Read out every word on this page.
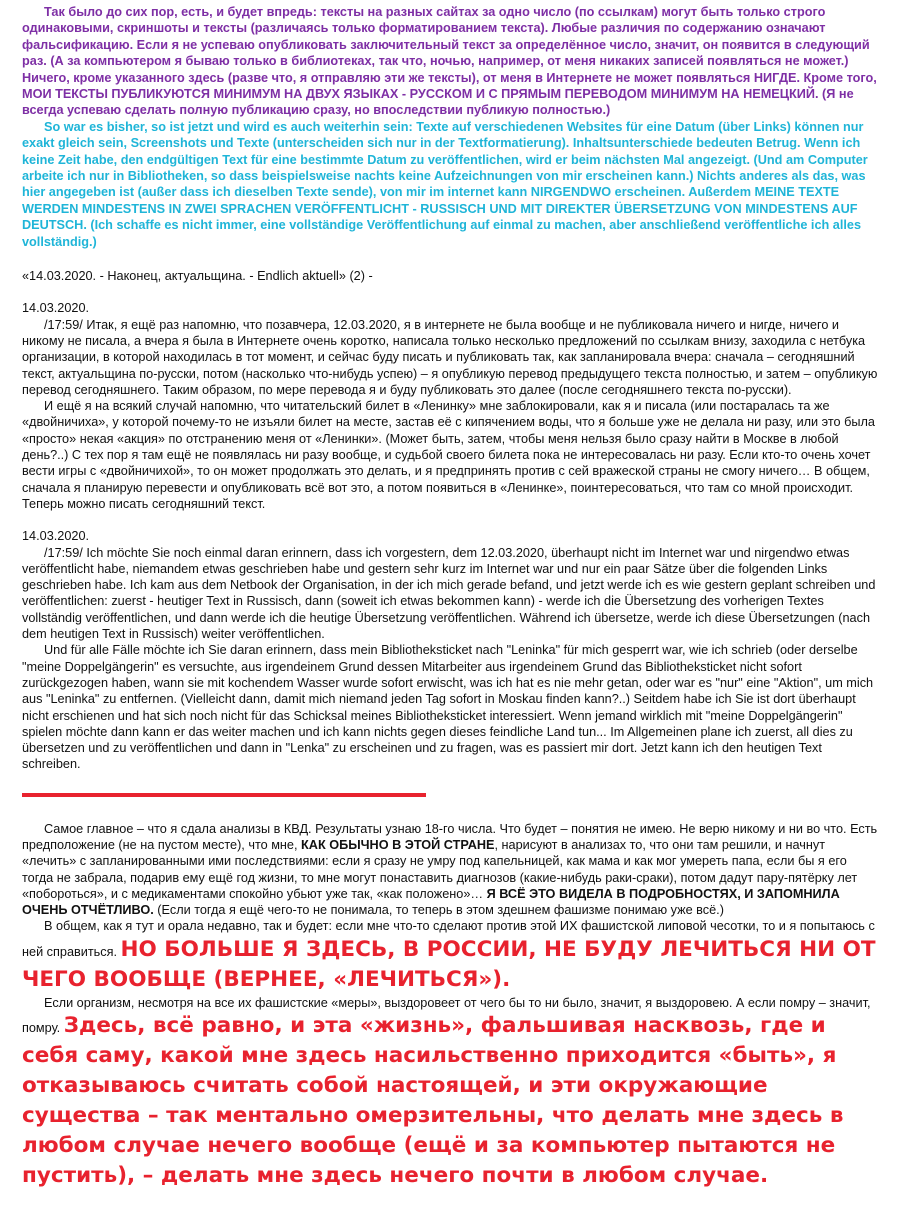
Так было до сих пор, есть, и будет впредь: тексты на разных сайтах за одно число (по ссылкам) могут быть только строго одинаковыми, скриншоты и тексты (различаясь только форматированием текста). Любые различия по содержанию означают фальсификацию. Если я не успеваю опубликовать заключительный текст за определённое число, значит, он появится в следующий раз. (А за компьютером я бываю только в библиотеках, так что, ночью, например, от меня никаких записей появляться не может.) Ничего, кроме указанного здесь (разве что, я отправляю эти же тексты), от меня в Интернете не может появляться НИГДЕ. Кроме того, МОИ ТЕКСТЫ ПУБЛИКУЮТСЯ МИНИМУМ НА ДВУХ ЯЗЫКАХ - РУССКОМ И С ПРЯМЫМ ПЕРЕВОДОМ МИНИМУМ НА НЕМЕЦКИЙ. (Я не всегда успеваю сделать полную публикацию сразу, но впоследствии публикую полностью.)

So war es bisher, so ist jetzt und wird es auch weiterhin sein: Texte auf verschiedenen Websites für eine Datum (über Links) können nur exakt gleich sein, Screenshots und Texte (unterscheiden sich nur in der Textformatierung). Inhaltsunterschiede bedeuten Betrug. Wenn ich keine Zeit habe, den endgültigen Text für eine bestimmte Datum zu veröffentlichen, wird er beim nächsten Mal angezeigt. (Und am Computer arbeite ich nur in Bibliotheken, so dass beispielsweise nachts keine Aufzeichnungen von mir erscheinen kann.) Nichts anderes als das, was hier angegeben ist (außer dass ich dieselben Texte sende), von mir im internet kann NIRGENDWO erscheinen. Außerdem MEINE TEXTE WERDEN MINDESTENS IN ZWEI SPRACHEN VERÖFFENTLICHT - RUSSISCH UND MIT DIREKTER ÜBERSETZUNG VON MINDESTENS AUF DEUTSCH. (Ich schaffe es nicht immer, eine vollständige Veröffentlichung auf einmal zu machen, aber anschließend veröffentliche ich alles vollständig.)

«14.03.2020. - Наконец, актуальщина. - Endlich aktuell» (2) -

14.03.2020.

/17:59/ Итак, я ещё раз напомню, что позавчера, 12.03.2020, я в интернете не была вообще и не публиковала ничего и нигде, ничего и никому не писала, а вчера я была в Интернете очень коротко, написала только несколько предложений по ссылкам внизу, заходила с нетбука организации, в которой находилась в тот момент, и сейчас буду писать и публиковать так, как запланировала вчера: сначала – сегодняшний текст, актуальщина по-русски, потом (насколько что-нибудь успею) – я опубликую перевод предыдущего текста полностью, и затем – опубликую перевод сегодняшнего. Таким образом, по мере перевода я и буду публиковать это далее (после сегодняшнего текста по-русски).

И ещё я на всякий случай напомню, что читательский билет в «Ленинку» мне заблокировали, как я и писала (или постаралась та же «двойничиха», у которой почему-то не изъяли билет на месте, застав её с кипячением воды, что я больше уже не делала ни разу, или это была «просто» некая «акция» по отстранению меня от «Ленинки». (Может быть, затем, чтобы меня нельзя было сразу найти в Москве в любой день?..) С тех пор я там ещё не появлялась ни разу вообще, и судьбой своего билета пока не интересовалась ни разу. Если кто-то очень хочет вести игры с «двойничихой», то он может продолжать это делать, и я предпринять против с сей вражеской страны не смогу ничего… В общем, сначала я планирую перевести и опубликовать всё вот это, а потом появиться в «Ленинке», поинтересоваться, что там со мной происходит. Теперь можно писать сегодняшний текст.

14.03.2020.

/17:59/ Ich möchte Sie noch einmal daran erinnern, dass ich vorgestern, dem 12.03.2020, überhaupt nicht im Internet war und nirgendwo etwas veröffentlicht habe, niemandem etwas geschrieben habe und gestern sehr kurz im Internet war und nur ein paar Sätze über die folgenden Links geschrieben habe. Ich kam aus dem Netbook der Organisation, in der ich mich gerade befand, und jetzt werde ich es wie gestern geplant schreiben und veröffentlichen: zuerst - heutiger Text in Russisch, dann (soweit ich etwas bekommen kann) - werde ich die Übersetzung des vorherigen Textes vollständig veröffentlichen, und dann werde ich die heutige Übersetzung veröffentlichen. Während ich übersetze, werde ich diese Übersetzungen (nach dem heutigen Text in Russisch) weiter veröffentlichen.

Und für alle Fälle möchte ich Sie daran erinnern, dass mein Bibliotheksticket nach "Leninka" für mich gesperrt war, wie ich schrieb (oder derselbe "meine Doppelgängerin" es versuchte, aus irgendeinem Grund dessen Mitarbeiter aus irgendeinem Grund das Bibliotheksticket nicht sofort zurückgezogen haben, wann sie mit kochendem Wasser wurde sofort erwischt, was ich hat es nie mehr getan, oder war es "nur" eine "Aktion", um mich aus "Leninka" zu entfernen. (Vielleicht dann, damit mich niemand jeden Tag sofort in Moskau finden kann?..) Seitdem habe ich Sie ist dort überhaupt nicht erschienen und hat sich noch nicht für das Schicksal meines Bibliotheksticket interessiert. Wenn jemand wirklich mit "meine Doppelgängerin" spielen möchte dann kann er das weiter machen und ich kann nichts gegen dieses feindliche Land tun... Im Allgemeinen plane ich zuerst, all dies zu übersetzen und zu veröffentlichen und dann in "Lenka" zu erscheinen und zu fragen, was es passiert mir dort. Jetzt kann ich den heutigen Text schreiben.

Самое главное – что я сдала анализы в КВД. Результаты узнаю 18-го числа. Что будет – понятия не имею. Не верю никому и ни во что. Есть предположение (не на пустом месте), что мне, КАК ОБЫЧНО В ЭТОЙ СТРАНЕ, нарисуют в анализах то, что они там решили, и начнут «лечить» с запланированными ими последствиями: если я сразу не умру под капельницей, как мама и как мог умереть папа, если бы я его тогда не забрала, подарив ему ещё год жизни, то мне могут понаставить диагнозов (какие-нибудь раки-сраки), потом дадут пару-пятёрку лет «побороться», и с медикаментами спокойно убьют уже так, «как положено»… Я ВСЁ ЭТО ВИДЕЛА В ПОДРОБНОСТЯХ, И ЗАПОМНИЛА ОЧЕНЬ ОТЧЁТЛИВО. (Если тогда я ещё чего-то не понимала, то теперь в этом здешнем фашизме понимаю уже всё.)

В общем, как я тут и орала недавно, так и будет: если мне что-то сделают против этой ИХ фашистской липовой чесотки, то и я попытаюсь с ней справиться. НО БОЛЬШЕ Я ЗДЕСЬ, В РОССИИ, НЕ БУДУ ЛЕЧИТЬСЯ НИ ОТ ЧЕГО ВООБЩЕ (ВЕРНЕЕ, «ЛЕЧИТЬСЯ»).

Если организм, несмотря на все их фашистские «меры», выздоровеет от чего бы то ни было, значит, я выздоровею. А если помру – значит, помру. Здесь, всё равно, и эта «жизнь», фальшивая насквозь, где и себя саму, какой мне здесь насильственно приходится «быть», я отказываюсь считать собой настоящей, и эти окружающие существа – так ментально омерзительны, что делать мне здесь в любом случае нечего вообще (ещё и за компьютер пытаются не пустить), – делать мне здесь нечего почти в любом случае.
